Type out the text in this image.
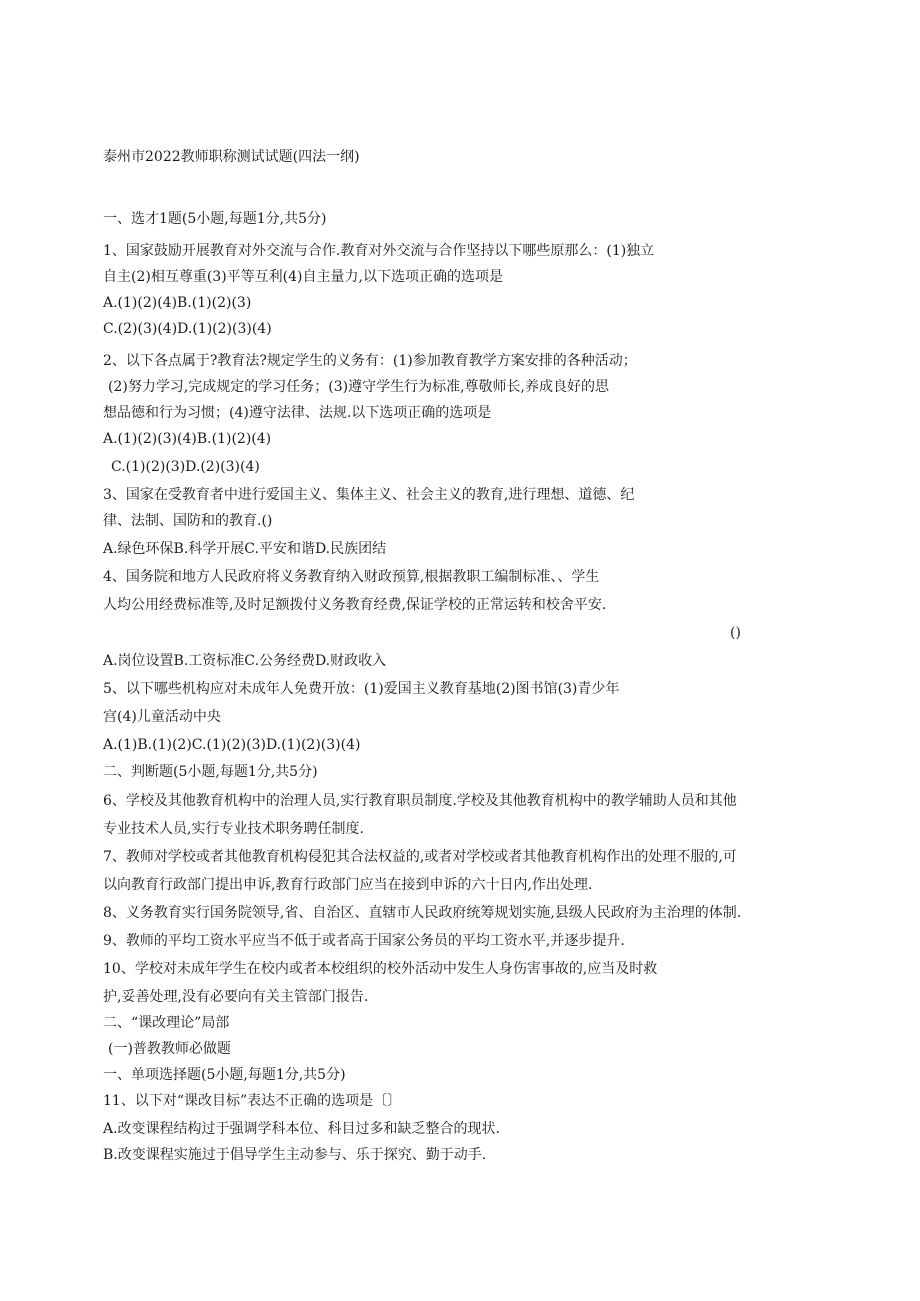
泰州市2022教师职称测试试题(四法一纲)
一、选才1题(5小题,每题1分,共5分)
1、国家鼓励开展教育对外交流与合作.教育对外交流与合作坚持以下哪些原那么：(1)独立
自主(2)相互尊重(3)平等互利(4)自主量力,以下选项正确的选项是
A.(1)(2)(4)B.(1)(2)(3)
C.(2)(3)(4)D.(1)(2)(3)(4)
2、以下各点属于?教育法?规定学生的义务有：(1)参加教育教学方案安排的各种活动；
(2)努力学习,完成规定的学习任务；(3)遵守学生行为标准,尊敬师长,养成良好的思
想品德和行为习惯；(4)遵守法律、法规.以下选项正确的选项是
A.(1)(2)(3)(4)B.(1)(2)(4)
C.(1)(2)(3)D.(2)(3)(4)
3、国家在受教育者中进行爱国主义、集体主义、社会主义的教育,进行理想、道德、纪
律、法制、国防和的教育.()
A.绿色环保B.科学开展C.平安和谐D.民族团结
4、国务院和地方人民政府将义务教育纳入财政预算,根据教职工编制标准、、学生
人均公用经费标准等,及时足额拨付义务教育经费,保证学校的正常运转和校舍平安.
()
A.岗位设置B.工资标准C.公务经费D.财政收入
5、以下哪些机构应对未成年人免费开放：(1)爱国主义教育基地(2)图书馆(3)青少年
宫(4)儿童活动中央
A.(1)B.(1)(2)C.(1)(2)(3)D.(1)(2)(3)(4)
二、判断题(5小题,每题1分,共5分)
6、学校及其他教育机构中的治理人员,实行教育职员制度.学校及其他教育机构中的教学辅助人员和其他
专业技术人员,实行专业技术职务聘任制度.
7、教师对学校或者其他教育机构侵犯其合法权益的,或者对学校或者其他教育机构作出的处理不服的,可
以向教育行政部门提出申诉,教育行政部门应当在接到申诉的六十日内,作出处理.
8、义务教育实行国务院领导,省、自治区、直辖市人民政府统筹规划实施,县级人民政府为主治理的体制.
9、教师的平均工资水平应当不低于或者高于国家公务员的平均工资水平,并逐步提升.
10、学校对未成年学生在校内或者本校组织的校外活动中发生人身伤害事故的,应当及时救
护,妥善处理,没有必要向有关主管部门报告.
二、“课改理论”局部
(一)普教教师必做题
一、单项选择题(5小题,每题1分,共5分)
11、以下对“课改目标”表达不正确的选项是〔〕
A.改变课程结构过于强调学科本位、科目过多和缺乏整合的现状.
B.改变课程实施过于倡导学生主动参与、乐于探究、勤于动手.
